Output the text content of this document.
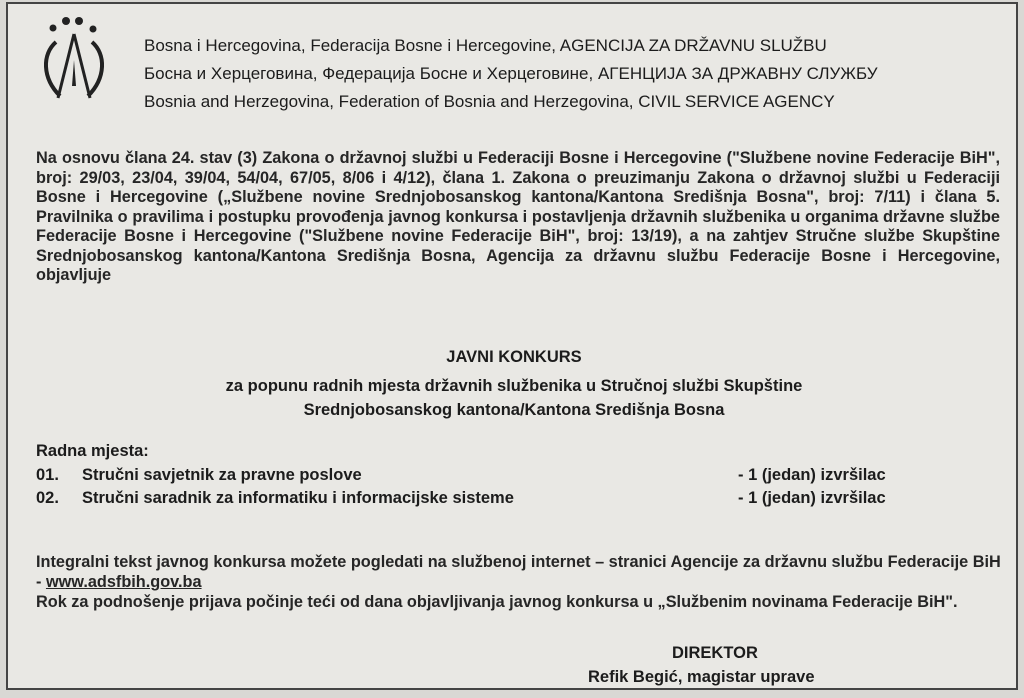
Bosna i Hercegovina, Federacija Bosne i Hercegovine, AGENCIJA ZA DRŽAVNU SLUŽBU
Босна и Херцеговина, Федерација Босне и Херцеговине, АГЕНЦИЈА ЗА ДРЖАВНУ СЛУЖБУ
Bosnia and Herzegovina, Federation of Bosnia and Herzegovina, CIVIL SERVICE AGENCY
Na osnovu člana 24. stav (3) Zakona o državnoj službi u Federaciji Bosne i Hercegovine ("Službene novine Federacije BiH", broj: 29/03, 23/04, 39/04, 54/04, 67/05, 8/06 i 4/12), člana 1. Zakona o preuzimanju Zakona o državnoj službi u Federaciji Bosne i Hercegovine („Službene novine Srednjobosanskog kantona/Kantona Središnja Bosna", broj: 7/11) i člana 5. Pravilnika o pravilima i postupku provođenja javnog konkursa i postavljenja državnih službenika u organima državne službe Federacije Bosne i Hercegovine ("Službene novine Federacije BiH", broj: 13/19), a na zahtjev Stručne službe Skupštine Srednjobosanskog kantona/Kantona Središnja Bosna, Agencija za državnu službu Federacije Bosne i Hercegovine, objavljuje
JAVNI KONKURS
za popunu radnih mjesta državnih službenika u Stručnoj službi Skupštine
Srednjobosanskog kantona/Kantona Središnja Bosna
Radna mjesta:
01. Stručni savjetnik za pravne poslove	- 1 (jedan) izvršilac
02. Stručni saradnik za informatiku i informacijske sisteme	- 1 (jedan) izvršilac
Integralni tekst javnog konkursa možete pogledati na službenoj internet – stranici Agencije za državnu službu Federacije BiH - www.adsfbih.gov.ba
Rok za podnošenje prijava počinje teći od dana objavljivanja javnog konkursa u „Službenim novinama Federacije BiH".
DIREKTOR
Refik Begić, magistar uprave
